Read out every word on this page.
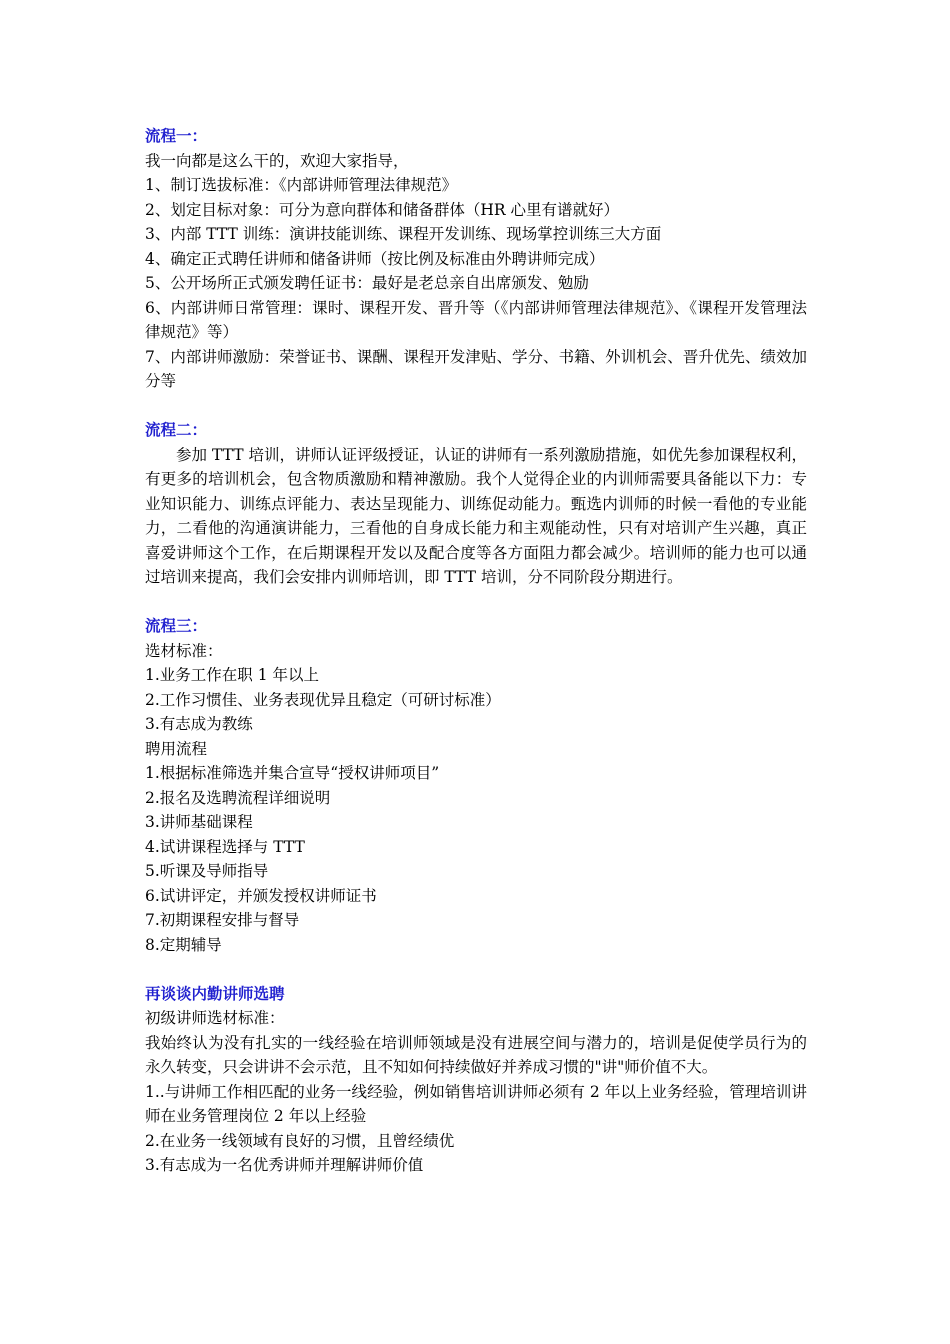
流程一：

我一向都是这么干的，欢迎大家指导，

1、制订选拔标准：《内部讲师管理法律规范》

2、划定目标对象：可分为意向群体和储备群体（HR 心里有谱就好）

3、内部 TTT 训练：演讲技能训练、课程开发训练、现场掌控训练三大方面

4、确定正式聘任讲师和储备讲师（按比例及标准由外聘讲师完成）

5、公开场所正式颁发聘任证书：最好是老总亲自出席颁发、勉励

6、内部讲师日常管理：课时、课程开发、晋升等（《内部讲师管理法律规范》、《课程开发管理法律规范》等）

7、内部讲师激励：荣誉证书、课酬、课程开发津贴、学分、书籍、外训机会、晋升优先、绩效加分等

流程二：

参加 TTT 培训，讲师认证评级授证，认证的讲师有一系列激励措施，如优先参加课程权利，有更多的培训机会，包含物质激励和精神激励。我个人觉得企业的内训师需要具备能以下力：专业知识能力、训练点评能力、表达呈现能力、训练促动能力。甄选内训师的时候一看他的专业能力，二看他的沟通演讲能力，三看他的自身成长能力和主观能动性，只有对培训产生兴趣，真正喜爱讲师这个工作，在后期课程开发以及配合度等各方面阻力都会减少。培训师的能力也可以通过培训来提高，我们会安排内训师培训，即 TTT 培训，分不同阶段分期进行。

流程三：

选材标准：

1.业务工作在职 1 年以上

2.工作习惯佳、业务表现优异且稳定（可研讨标准）

3.有志成为教练

聘用流程

1.根据标准筛选并集合宣导“授权讲师项目”

2.报名及选聘流程详细说明

3.讲师基础课程

4.试讲课程选择与 TTT

5.听课及导师指导

6.试讲评定，并颁发授权讲师证书

7.初期课程安排与督导

8.定期辅导

再谈谈内勤讲师选聘

初级讲师选材标准：

我始终认为没有扎实的一线经验在培训师领域是没有进展空间与潜力的，培训是促使学员行为的永久转变，只会讲讲不会示范，且不知如何持续做好并养成习惯的"讲"师价值不大。

1..与讲师工作相匹配的业务一线经验，例如销售培训讲师必须有 2 年以上业务经验，管理培训讲师在业务管理岗位 2 年以上经验

2.在业务一线领域有良好的习惯，且曾经绩优

3.有志成为一名优秀讲师并理解讲师价值
